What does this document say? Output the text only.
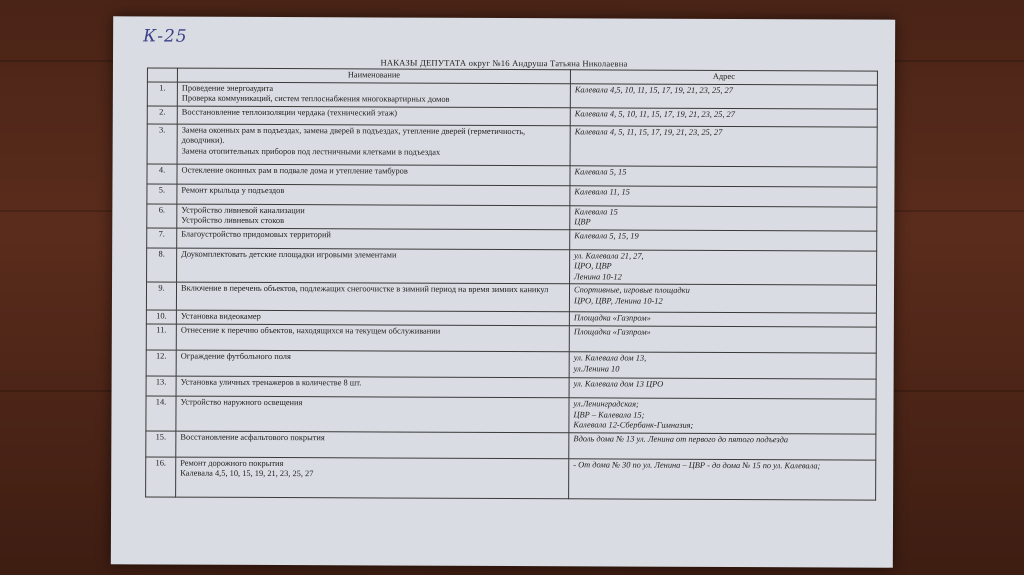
К-25
НАКАЗЫ ДЕПУТАТА округ №16 Андруша Татьяна Николаевна
	Наименование	Адрес
1.	Проведение энергоаудита
Проверка коммуникаций, систем теплоснабжения многоквартирных домов	Калевала 4,5, 10, 11, 15, 17, 19, 21, 23, 25, 27

2.	Восстановление теплоизоляции чердака (технический этаж)	Калевала 4, 5, 10, 11, 15, 17, 19, 21, 23, 25, 27

3.	Замена оконных рам в подъездах, замена дверей в подъездах, утепление дверей (герметичность, доводчики).
Замена отопительных приборов под лестничными клетками в подъездах	Калевала 4, 5, 11, 15, 17, 19, 21, 23, 25, 27

4.	Остекление оконных рам в подвале дома и утепление тамбуров	Калевала 5, 15

5.	Ремонт крыльца у подъездов	Калевала 11, 15

6.	Устройство ливневой канализации
Устройство ливневых стоков	Калевала 15
ЦВР

7.	Благоустройство придомовых территорий	Калевала 5, 15, 19

8.	Доукомплектовать детские площадки игровыми элементами	ул. Калевала 21, 27,
ЦРО, ЦВР
Ленина 10-12

9.	Включение в перечень объектов, подлежащих снегоочистке в зимний период на время зимних каникул	Спортивные, игровые площадки
ЦРО, ЦВР, Ленина 10-12

10.	Установка видеокамер	Площадка «Газпром»

11.	Отнесение к перечню объектов, находящихся на текущем обслуживании	Площадка «Газпром»

12.	Ограждение футбольного поля	ул. Калевала дом 13,
ул.Ленина 10

13.	Установка уличных тренажеров в количестве 8 шт.	ул. Калевала дом 13 ЦРО

14.	Устройство наружного освещения	ул.Ленинградская;
ЦВР – Калевала 15;
Калевала 12-Сбербанк-Гимназия;

15.	Восстановление асфальтового покрытия	Вдоль дома № 13 ул. Ленина от первого до пятого подъезда

16.	Ремонт дорожного покрытия
Калевала 4,5, 10, 15, 19, 21, 23, 25, 27	- От дома № 30 по ул. Ленина – ЦВР - до дома № 15 по ул. Калевала;
